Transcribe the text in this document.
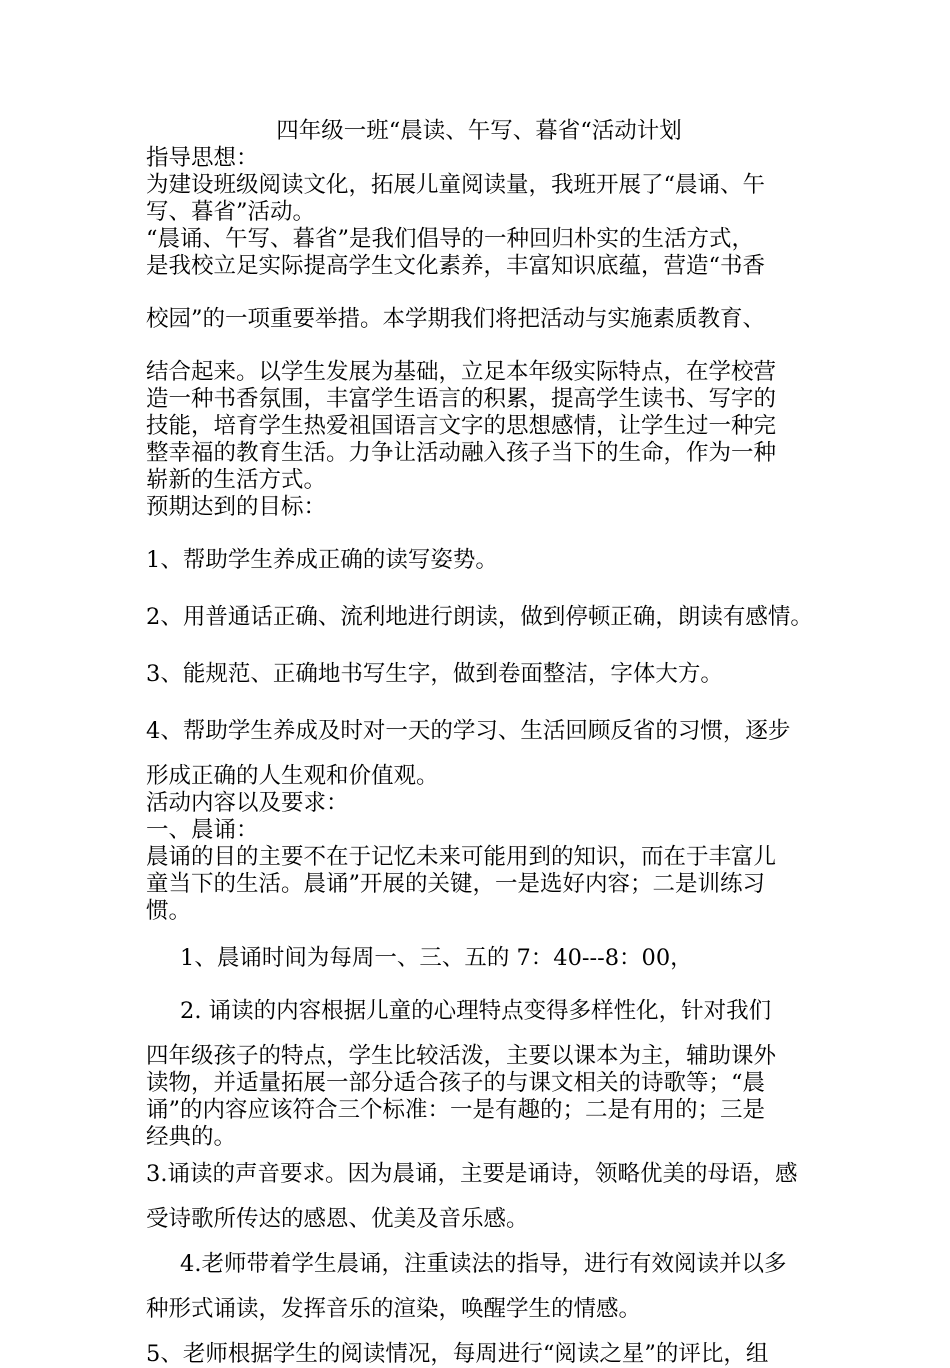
四年级一班“晨读、午写、暮省“活动计划

指导思想：

为建设班级阅读文化，拓展儿童阅读量，我班开展了“晨诵、午

写、暮省”活动。

“晨诵、午写、暮省”是我们倡导的一种回归朴实的生活方式，

是我校立足实际提高学生文化素养，丰富知识底蕴，营造“书香

校园”的一项重要举措。本学期我们将把活动与实施素质教育、

结合起来。以学生发展为基础，立足本年级实际特点，在学校营

造一种书香氛围，丰富学生语言的积累，提高学生读书、写字的

技能，培育学生热爱祖国语言文字的思想感情，让学生过一种完

整幸福的教育生活。力争让活动融入孩子当下的生命，作为一种

崭新的生活方式。

预期达到的目标：

1、帮助学生养成正确的读写姿势。

2、用普通话正确、流利地进行朗读，做到停顿正确，朗读有感情。

3、能规范、正确地书写生字，做到卷面整洁，字体大方。

4、帮助学生养成及时对一天的学习、生活回顾反省的习惯，逐步

形成正确的人生观和价值观。

活动内容以及要求：

一、晨诵：

晨诵的目的主要不在于记忆未来可能用到的知识，而在于丰富儿

童当下的生活。晨诵”开展的关键，一是选好内容；二是训练习

惯。

1、晨诵时间为每周一、三、五的 7：40---8：00，

2. 诵读的内容根据儿童的心理特点变得多样性化，针对我们

四年级孩子的特点，学生比较活泼，主要以课本为主，辅助课外

读物，并适量拓展一部分适合孩子的与课文相关的诗歌等；“晨

诵”的内容应该符合三个标准：一是有趣的；二是有用的；三是

经典的。

3.诵读的声音要求。因为晨诵，主要是诵诗，领略优美的母语，感

受诗歌所传达的感恩、优美及音乐感。

4.老师带着学生晨诵，注重读法的指导，进行有效阅读并以多

种形式诵读，发挥音乐的渲染，唤醒学生的情感。

5、老师根据学生的阅读情况，每周进行“阅读之星”的评比，组
